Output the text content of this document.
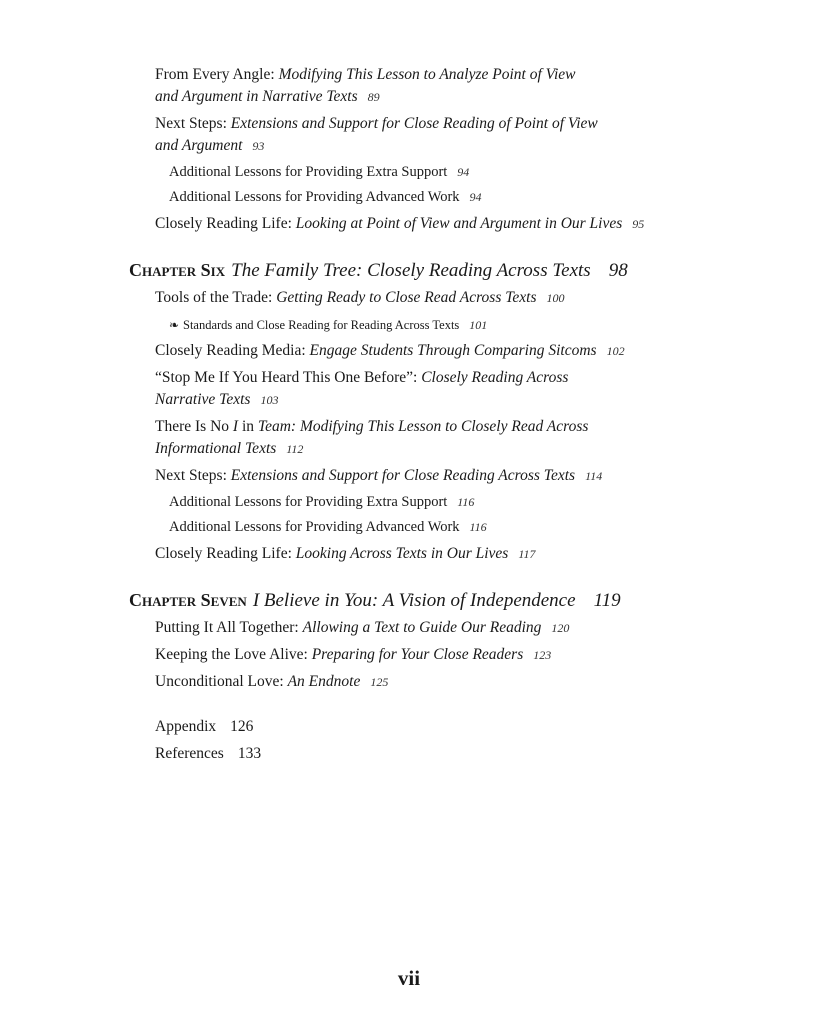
From Every Angle: Modifying This Lesson to Analyze Point of View
and Argument in Narrative Texts 89
Next Steps: Extensions and Support for Close Reading of Point of View
and Argument 93
Additional Lessons for Providing Extra Support 94
Additional Lessons for Providing Advanced Work 94
Closely Reading Life: Looking at Point of View and Argument in Our Lives 95
Chapter Six The Family Tree: Closely Reading Across Texts 98
Tools of the Trade: Getting Ready to Close Read Across Texts 100
❧ Standards and Close Reading for Reading Across Texts 101
Closely Reading Media: Engage Students Through Comparing Sitcoms 102
“Stop Me If You Heard This One Before”: Closely Reading Across
Narrative Texts 103
There Is No I in Team: Modifying This Lesson to Closely Read Across
Informational Texts 112
Next Steps: Extensions and Support for Close Reading Across Texts 114
Additional Lessons for Providing Extra Support 116
Additional Lessons for Providing Advanced Work 116
Closely Reading Life: Looking Across Texts in Our Lives 117
Chapter Seven I Believe in You: A Vision of Independence 119
Putting It All Together: Allowing a Text to Guide Our Reading 120
Keeping the Love Alive: Preparing for Your Close Readers 123
Unconditional Love: An Endnote 125
Appendix 126
References 133
vii
